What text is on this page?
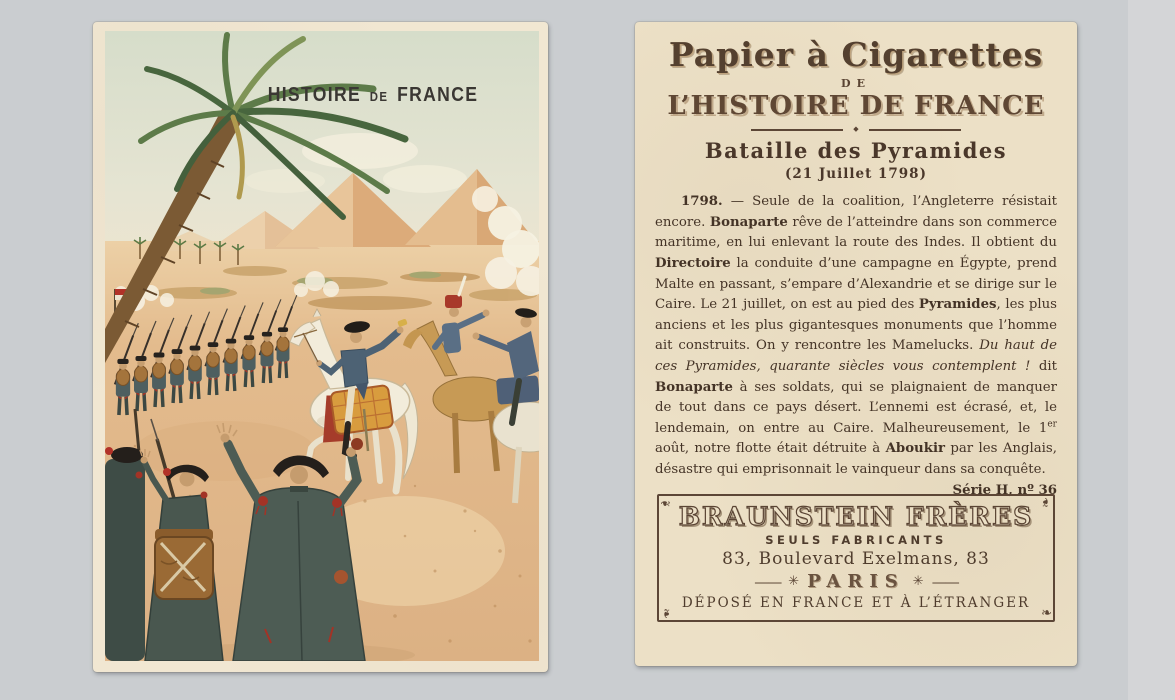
HISTOIRE DE FRANCE
Papier à Cigarettes
DE
L’HISTOIRE DE FRANCE
◆
Bataille des Pyramides
(21 Juillet 1798)

1798. — Seule de la coalition, l’Angleterre résistait encore. Bonaparte rêve de l’atteindre dans son commerce maritime, en lui enlevant la route des Indes. Il obtient du Directoire la conduite d’une campagne en Égypte, prend Malte en passant, s’empare d’Alexandrie et se dirige sur le Caire. Le 21 juillet, on est au pied des Pyramides, les plus anciens et les plus gigantesques monuments que l’homme ait construits. On y rencontre les Mamelucks. Du haut de ces Pyramides, quarante siècles vous contemplent ! dit Bonaparte à ses soldats, qui se plaignaient de manquer de tout dans ce pays désert. L’ennemi est écrasé, et, le lendemain, on entre au Caire. Malheureusement, le 1er août, notre flotte était détruite à Aboukir par les Anglais, désastre qui emprisonnait le vainqueur dans sa conquête.
Série H, nº 36

❧	❧
❧	❧
BRAUNSTEIN FRÈRES
SEULS FABRICANTS
83, Boulevard Exelmans, 83
—— ✳ PARIS ✳ ——
DÉPOSÉ EN FRANCE ET À L’ÉTRANGER
